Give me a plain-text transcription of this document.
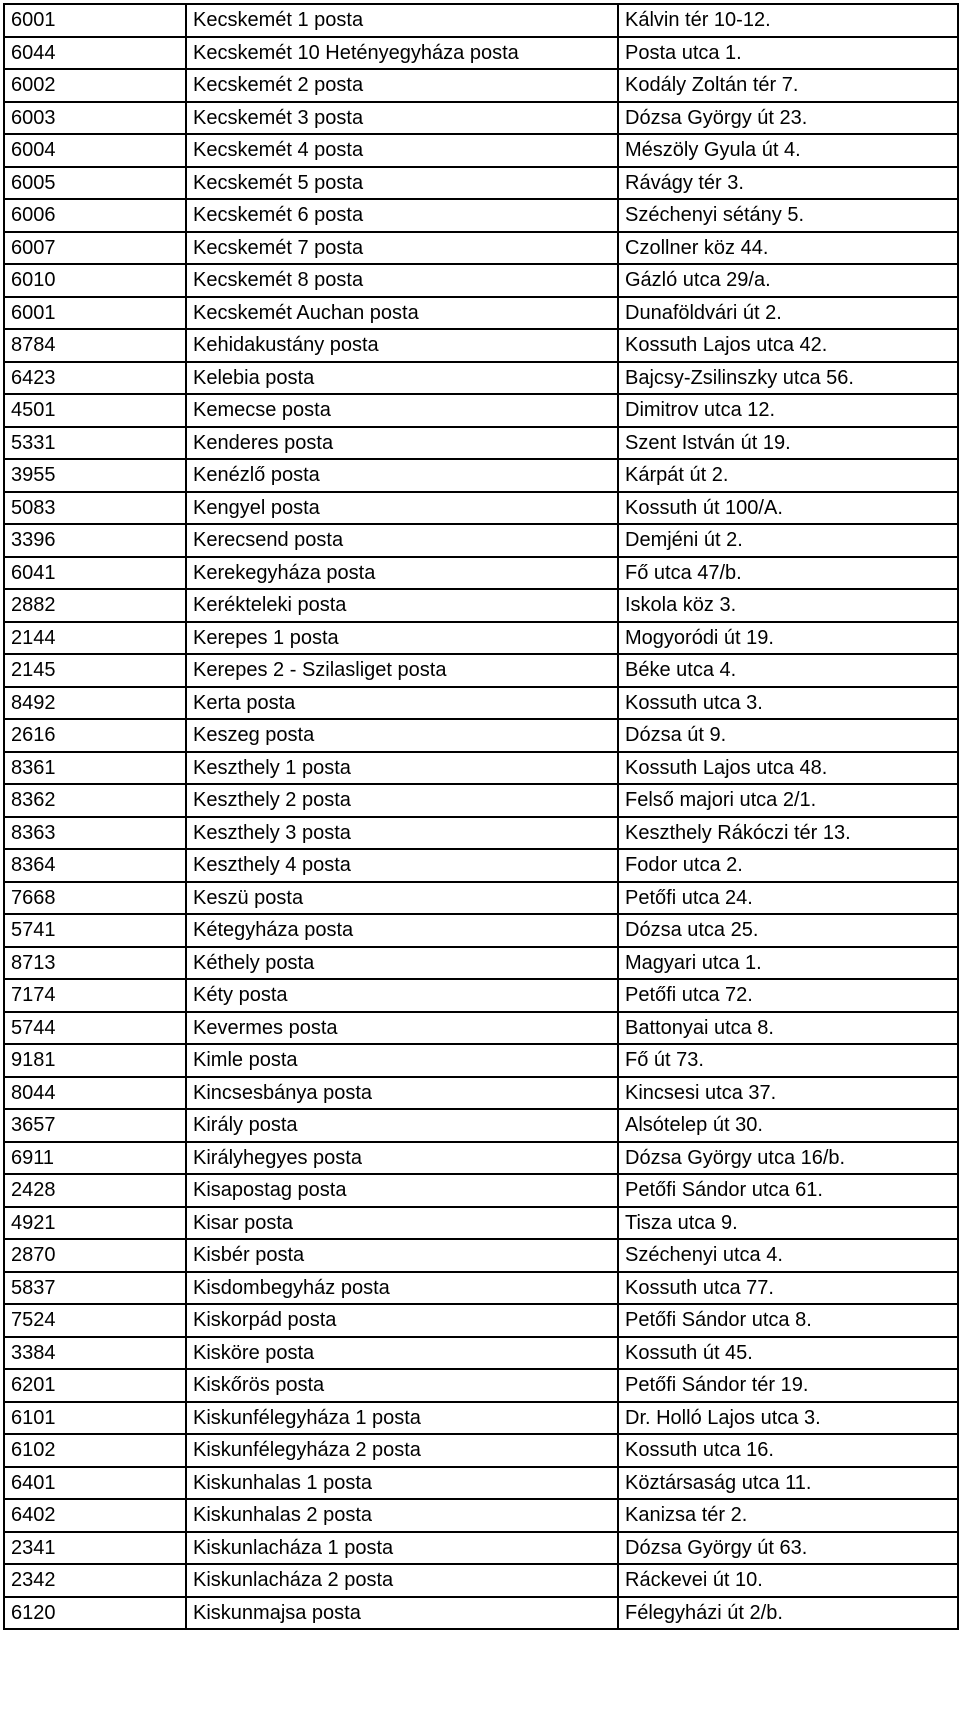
6001	Kecskemét 1 posta	Kálvin tér 10-12.
6044	Kecskemét 10 Hetényegyháza posta	Posta utca 1.
6002	Kecskemét 2 posta	Kodály Zoltán tér 7.
6003	Kecskemét 3 posta	Dózsa György út 23.
6004	Kecskemét 4 posta	Mészöly Gyula út 4.
6005	Kecskemét 5 posta	Rávágy tér 3.
6006	Kecskemét 6 posta	Széchenyi sétány 5.
6007	Kecskemét 7 posta	Czollner köz 44.
6010	Kecskemét 8 posta	Gázló utca 29/a.
6001	Kecskemét Auchan posta	Dunaföldvári út 2.
8784	Kehidakustány posta	Kossuth Lajos utca 42.
6423	Kelebia posta	Bajcsy-Zsilinszky utca 56.
4501	Kemecse posta	Dimitrov utca 12.
5331	Kenderes posta	Szent István út 19.
3955	Kenézlő posta	Kárpát út 2.
5083	Kengyel posta	Kossuth út 100/A.
3396	Kerecsend posta	Demjéni út 2.
6041	Kerekegyháza posta	Fő utca 47/b.
2882	Kerékteleki posta	Iskola köz 3.
2144	Kerepes 1 posta	Mogyoródi út 19.
2145	Kerepes 2 - Szilasliget posta	Béke utca 4.
8492	Kerta posta	Kossuth utca 3.
2616	Keszeg posta	Dózsa út 9.
8361	Keszthely 1 posta	Kossuth Lajos utca 48.
8362	Keszthely 2 posta	Felső majori utca 2/1.
8363	Keszthely 3 posta	Keszthely Rákóczi tér 13.
8364	Keszthely 4 posta	Fodor utca 2.
7668	Keszü posta	Petőfi utca 24.
5741	Kétegyháza posta	Dózsa utca 25.
8713	Kéthely posta	Magyari utca 1.
7174	Kéty posta	Petőfi utca 72.
5744	Kevermes posta	Battonyai utca 8.
9181	Kimle posta	Fő út 73.
8044	Kincsesbánya posta	Kincsesi utca 37.
3657	Király posta	Alsótelep út 30.
6911	Királyhegyes posta	Dózsa György utca 16/b.
2428	Kisapostag posta	Petőfi Sándor utca 61.
4921	Kisar posta	Tisza utca 9.
2870	Kisbér posta	Széchenyi utca 4.
5837	Kisdombegyház posta	Kossuth utca 77.
7524	Kiskorpád posta	Petőfi Sándor utca 8.
3384	Kisköre posta	Kossuth út 45.
6201	Kiskőrös posta	Petőfi Sándor tér 19.
6101	Kiskunfélegyháza 1 posta	Dr. Holló Lajos utca 3.
6102	Kiskunfélegyháza 2 posta	Kossuth utca 16.
6401	Kiskunhalas 1 posta	Köztársaság utca 11.
6402	Kiskunhalas 2 posta	Kanizsa tér 2.
2341	Kiskunlacháza 1 posta	Dózsa György út 63.
2342	Kiskunlacháza 2 posta	Ráckevei út 10.
6120	Kiskunmajsa posta	Félegyházi út 2/b.
